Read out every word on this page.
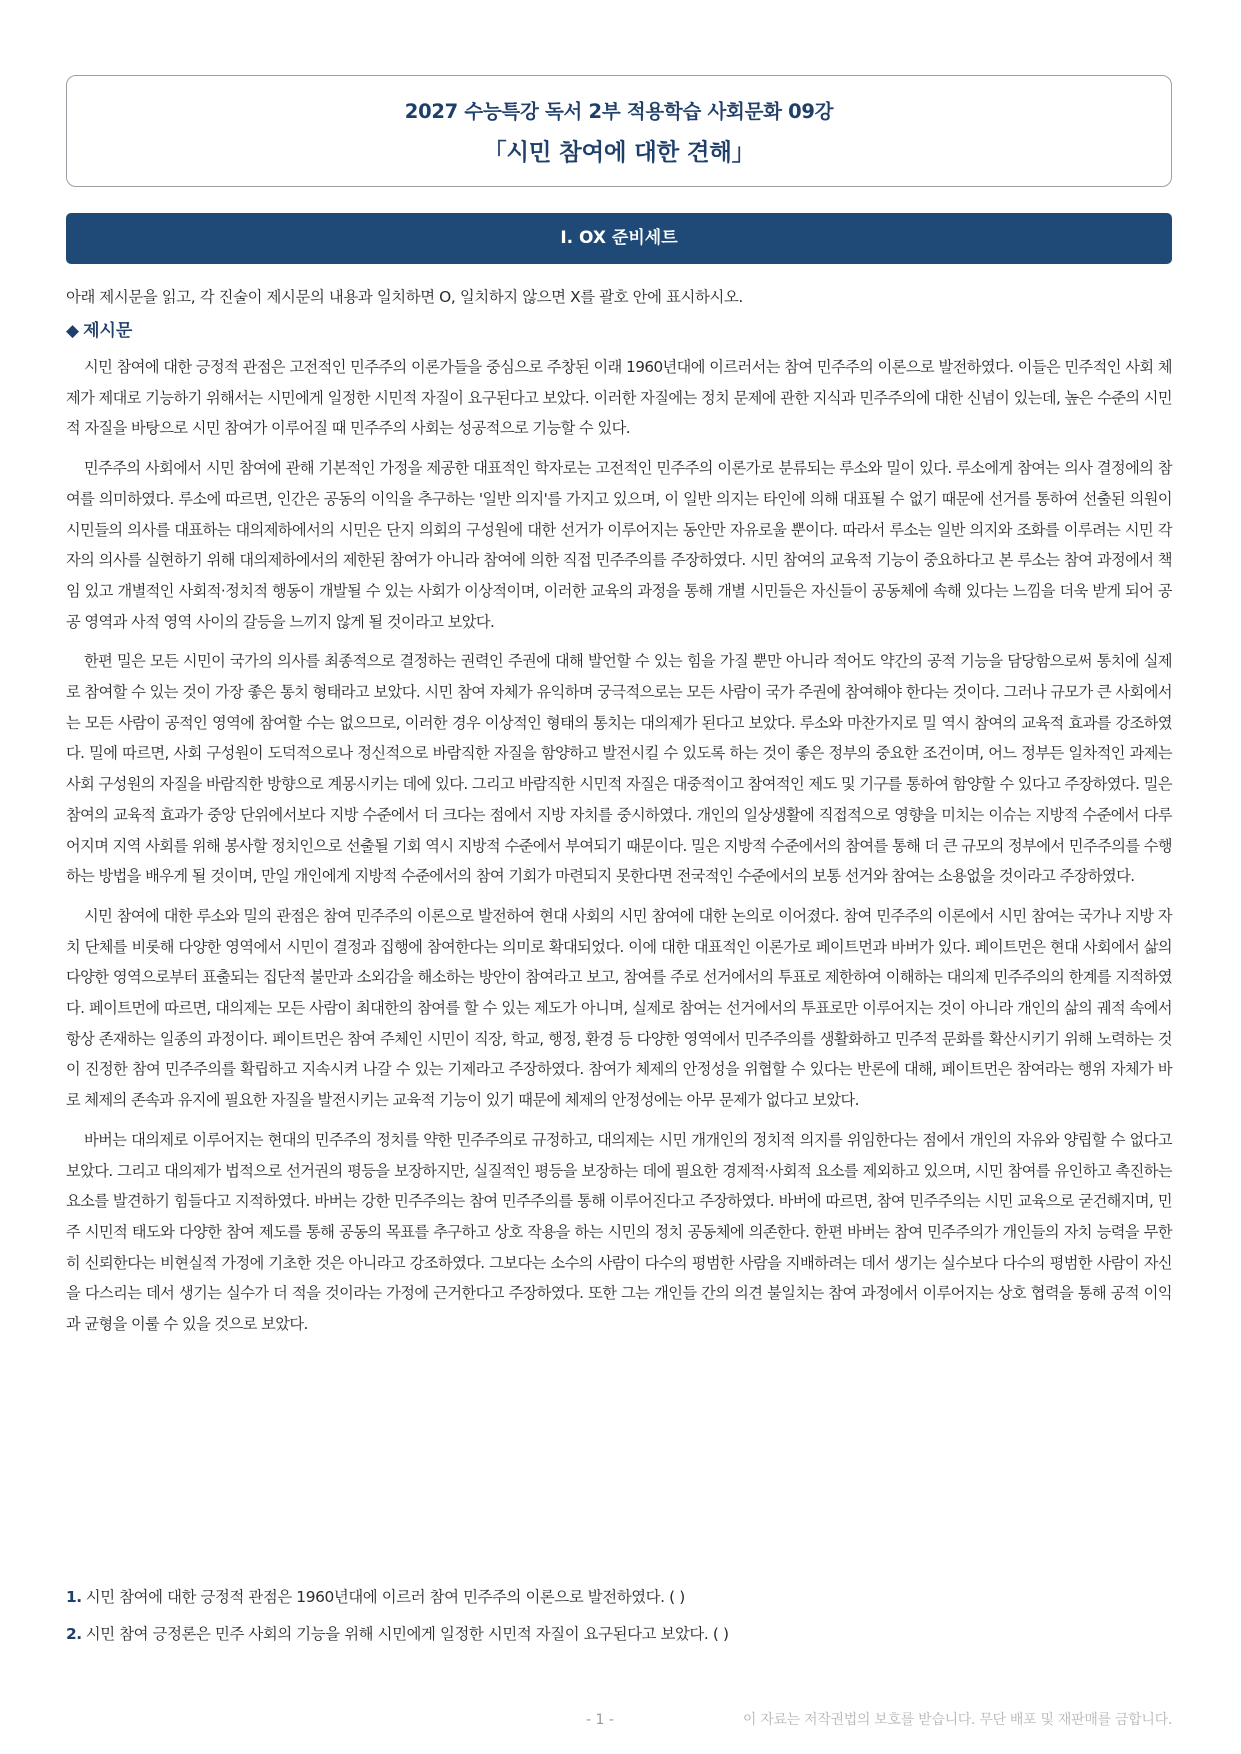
2027 수능특강 독서 2부 적용학습 사회문화 09강
「시민 참여에 대한 견해」
Ⅰ. OX 준비세트
아래 제시문을 읽고, 각 진술이 제시문의 내용과 일치하면 O, 일치하지 않으면 X를 괄호 안에 표시하시오.
◆ 제시문

시민 참여에 대한 긍정적 관점은 고전적인 민주주의 이론가들을 중심으로 주창된 이래 1960년대에 이르러서는 참여 민주주의 이론으로 발전하였다. 이들은 민주적인 사회 체제가 제대로 기능하기 위해서는 시민에게 일정한 시민적 자질이 요구된다고 보았다. 이러한 자질에는 정치 문제에 관한 지식과 민주주의에 대한 신념이 있는데, 높은 수준의 시민적 자질을 바탕으로 시민 참여가 이루어질 때 민주주의 사회는 성공적으로 기능할 수 있다.

민주주의 사회에서 시민 참여에 관해 기본적인 가정을 제공한 대표적인 학자로는 고전적인 민주주의 이론가로 분류되는 루소와 밀이 있다. 루소에게 참여는 의사 결정에의 참여를 의미하였다. 루소에 따르면, 인간은 공동의 이익을 추구하는 '일반 의지'를 가지고 있으며, 이 일반 의지는 타인에 의해 대표될 수 없기 때문에 선거를 통하여 선출된 의원이 시민들의 의사를 대표하는 대의제하에서의 시민은 단지 의회의 구성원에 대한 선거가 이루어지는 동안만 자유로울 뿐이다. 따라서 루소는 일반 의지와 조화를 이루려는 시민 각자의 의사를 실현하기 위해 대의제하에서의 제한된 참여가 아니라 참여에 의한 직접 민주주의를 주장하였다. 시민 참여의 교육적 기능이 중요하다고 본 루소는 참여 과정에서 책임 있고 개별적인 사회적·정치적 행동이 개발될 수 있는 사회가 이상적이며, 이러한 교육의 과정을 통해 개별 시민들은 자신들이 공동체에 속해 있다는 느낌을 더욱 받게 되어 공공 영역과 사적 영역 사이의 갈등을 느끼지 않게 될 것이라고 보았다.

한편 밀은 모든 시민이 국가의 의사를 최종적으로 결정하는 권력인 주권에 대해 발언할 수 있는 힘을 가질 뿐만 아니라 적어도 약간의 공적 기능을 담당함으로써 통치에 실제로 참여할 수 있는 것이 가장 좋은 통치 형태라고 보았다. 시민 참여 자체가 유익하며 궁극적으로는 모든 사람이 국가 주권에 참여해야 한다는 것이다. 그러나 규모가 큰 사회에서는 모든 사람이 공적인 영역에 참여할 수는 없으므로, 이러한 경우 이상적인 형태의 통치는 대의제가 된다고 보았다. 루소와 마찬가지로 밀 역시 참여의 교육적 효과를 강조하였다. 밀에 따르면, 사회 구성원이 도덕적으로나 정신적으로 바람직한 자질을 함양하고 발전시킬 수 있도록 하는 것이 좋은 정부의 중요한 조건이며, 어느 정부든 일차적인 과제는 사회 구성원의 자질을 바람직한 방향으로 계몽시키는 데에 있다. 그리고 바람직한 시민적 자질은 대중적이고 참여적인 제도 및 기구를 통하여 함양할 수 있다고 주장하였다. 밀은 참여의 교육적 효과가 중앙 단위에서보다 지방 수준에서 더 크다는 점에서 지방 자치를 중시하였다. 개인의 일상생활에 직접적으로 영향을 미치는 이슈는 지방적 수준에서 다루어지며 지역 사회를 위해 봉사할 정치인으로 선출될 기회 역시 지방적 수준에서 부여되기 때문이다. 밀은 지방적 수준에서의 참여를 통해 더 큰 규모의 정부에서 민주주의를 수행하는 방법을 배우게 될 것이며, 만일 개인에게 지방적 수준에서의 참여 기회가 마련되지 못한다면 전국적인 수준에서의 보통 선거와 참여는 소용없을 것이라고 주장하였다.

시민 참여에 대한 루소와 밀의 관점은 참여 민주주의 이론으로 발전하여 현대 사회의 시민 참여에 대한 논의로 이어졌다. 참여 민주주의 이론에서 시민 참여는 국가나 지방 자치 단체를 비롯해 다양한 영역에서 시민이 결정과 집행에 참여한다는 의미로 확대되었다. 이에 대한 대표적인 이론가로 페이트먼과 바버가 있다. 페이트먼은 현대 사회에서 삶의 다양한 영역으로부터 표출되는 집단적 불만과 소외감을 해소하는 방안이 참여라고 보고, 참여를 주로 선거에서의 투표로 제한하여 이해하는 대의제 민주주의의 한계를 지적하였다. 페이트먼에 따르면, 대의제는 모든 사람이 최대한의 참여를 할 수 있는 제도가 아니며, 실제로 참여는 선거에서의 투표로만 이루어지는 것이 아니라 개인의 삶의 궤적 속에서 항상 존재하는 일종의 과정이다. 페이트먼은 참여 주체인 시민이 직장, 학교, 행정, 환경 등 다양한 영역에서 민주주의를 생활화하고 민주적 문화를 확산시키기 위해 노력하는 것이 진정한 참여 민주주의를 확립하고 지속시켜 나갈 수 있는 기제라고 주장하였다. 참여가 체제의 안정성을 위협할 수 있다는 반론에 대해, 페이트먼은 참여라는 행위 자체가 바로 체제의 존속과 유지에 필요한 자질을 발전시키는 교육적 기능이 있기 때문에 체제의 안정성에는 아무 문제가 없다고 보았다.

바버는 대의제로 이루어지는 현대의 민주주의 정치를 약한 민주주의로 규정하고, 대의제는 시민 개개인의 정치적 의지를 위임한다는 점에서 개인의 자유와 양립할 수 없다고 보았다. 그리고 대의제가 법적으로 선거권의 평등을 보장하지만, 실질적인 평등을 보장하는 데에 필요한 경제적·사회적 요소를 제외하고 있으며, 시민 참여를 유인하고 촉진하는 요소를 발견하기 힘들다고 지적하였다. 바버는 강한 민주주의는 참여 민주주의를 통해 이루어진다고 주장하였다. 바버에 따르면, 참여 민주주의는 시민 교육으로 굳건해지며, 민주 시민적 태도와 다양한 참여 제도를 통해 공동의 목표를 추구하고 상호 작용을 하는 시민의 정치 공동체에 의존한다. 한편 바버는 참여 민주주의가 개인들의 자치 능력을 무한히 신뢰한다는 비현실적 가정에 기초한 것은 아니라고 강조하였다. 그보다는 소수의 사람이 다수의 평범한 사람을 지배하려는 데서 생기는 실수보다 다수의 평범한 사람이 자신을 다스리는 데서 생기는 실수가 더 적을 것이라는 가정에 근거한다고 주장하였다. 또한 그는 개인들 간의 의견 불일치는 참여 과정에서 이루어지는 상호 협력을 통해 공적 이익과 균형을 이룰 수 있을 것으로 보았다.

1. 시민 참여에 대한 긍정적 관점은 1960년대에 이르러 참여 민주주의 이론으로 발전하였다. ( )
2. 시민 참여 긍정론은 민주 사회의 기능을 위해 시민에게 일정한 시민적 자질이 요구된다고 보았다. ( )
- 1 -	이 자료는 저작권법의 보호를 받습니다. 무단 배포 및 재판매를 금합니다.
